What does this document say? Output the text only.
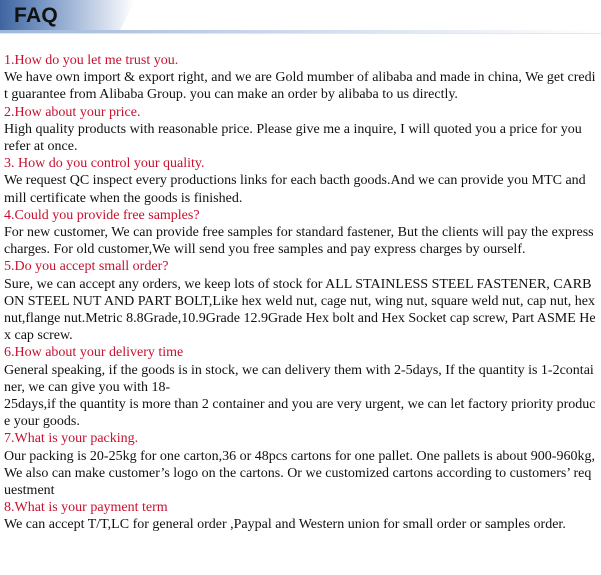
FAQ

1.How do you let me trust you.

We have own import & export right, and we are Gold mumber of alibaba and made in china, We get credit guarantee from Alibaba Group. you can make an order by alibaba to us directly.

2.How about your price.

High quality products with reasonable price. Please give me a inquire, I will quoted you a price for you
refer at once.

3. How do you control your quality.

We request QC inspect every productions links for each bacth goods.And we can provide you MTC and mill certificate when the goods is finished.

4.Could you provide free samples?

For new customer, We can provide free samples for standard fastener, But the clients will pay the express charges. For old customer,We will send you free samples and pay express charges by ourself.

5.Do you accept small order?

Sure, we can accept any orders, we keep lots of stock for ALL STAINLESS STEEL FASTENER, CARBON STEEL NUT AND PART BOLT,Like hex weld nut, cage nut, wing nut, square weld nut, cap nut, hex nut,flange nut.Metric 8.8Grade,10.9Grade 12.9Grade Hex bolt and Hex Socket cap screw, Part ASME Hex cap screw.

6.How about your delivery time

General speaking, if the goods is in stock, we can delivery them with 2-5days, If the quantity is 1-2container, we can give you with 18-
25days,if the quantity is more than 2 container and you are very urgent, we can let factory priority produce your goods.

7.What is your packing.

Our packing is 20-25kg for one carton,36 or 48pcs cartons for one pallet. One pallets is about 900-960kg, We also can make customer’s logo on the cartons. Or we customized cartons according to customers’ requestment

8.What is your payment term

We can accept T/T,LC for general order ,Paypal and Western union for small order or samples order.
